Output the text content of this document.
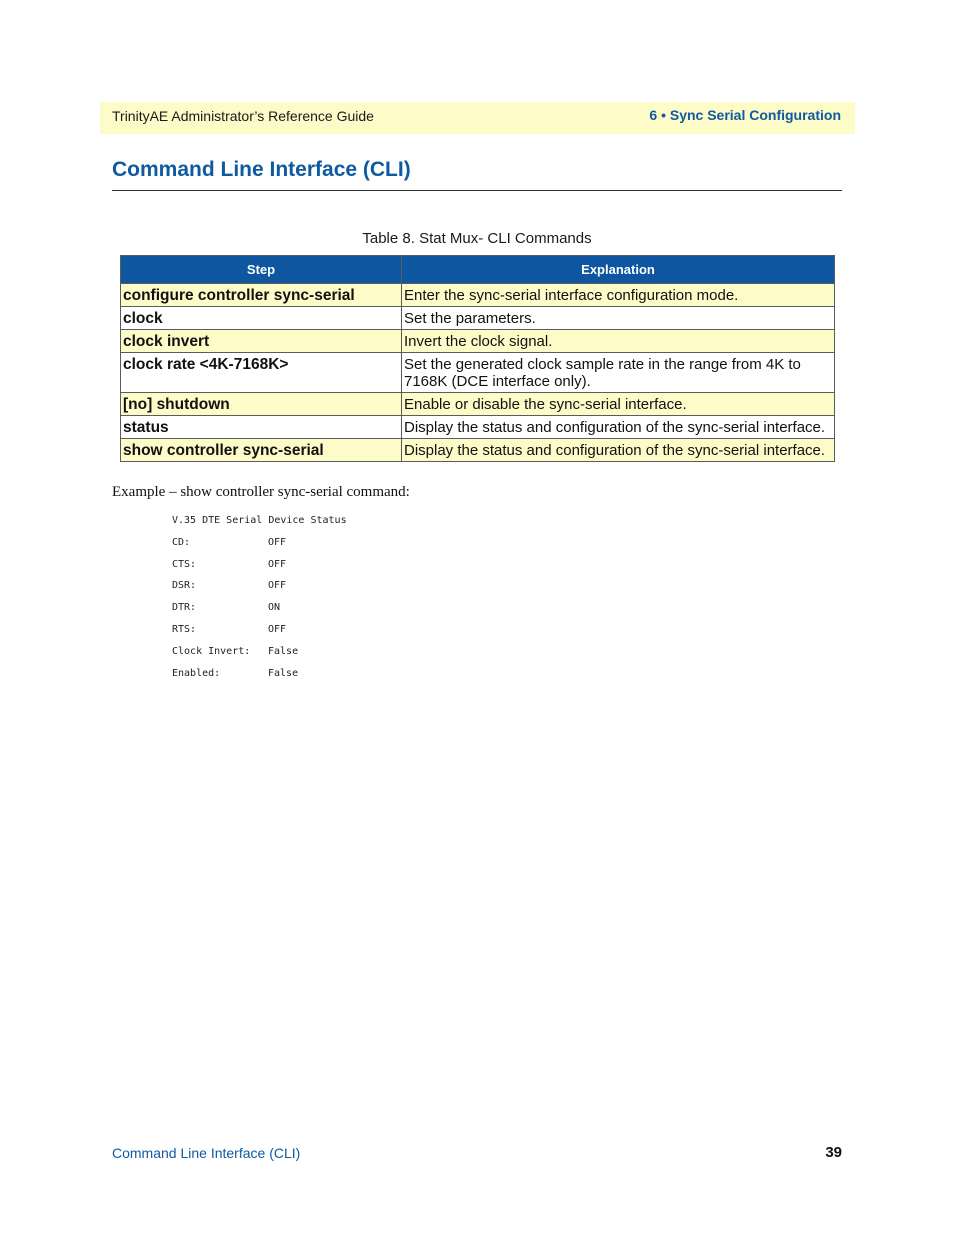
TrinityAE Administrator’s Reference Guide	6 • Sync Serial Configuration
Command Line Interface (CLI)
Table 8. Stat Mux- CLI Commands
Step	Explanation
configure controller sync-serial	Enter the sync-serial interface configuration mode.
clock	Set the parameters.
clock invert	Invert the clock signal.
clock rate <4K-7168K>	Set the generated clock sample rate in the range from 4K to 7168K (DCE interface only).
[no] shutdown	Enable or disable the sync-serial interface.
status	Display the status and configuration of the sync-serial interface.
show controller sync-serial	Display the status and configuration of the sync-serial interface.
Example – show controller sync-serial command:
V.35 DTE Serial Device Status
CD:	OFF
CTS:	OFF
DSR:	OFF
DTR:	ON
RTS:	OFF
Clock Invert: False
Enabled:	False
Command Line Interface (CLI)	39
